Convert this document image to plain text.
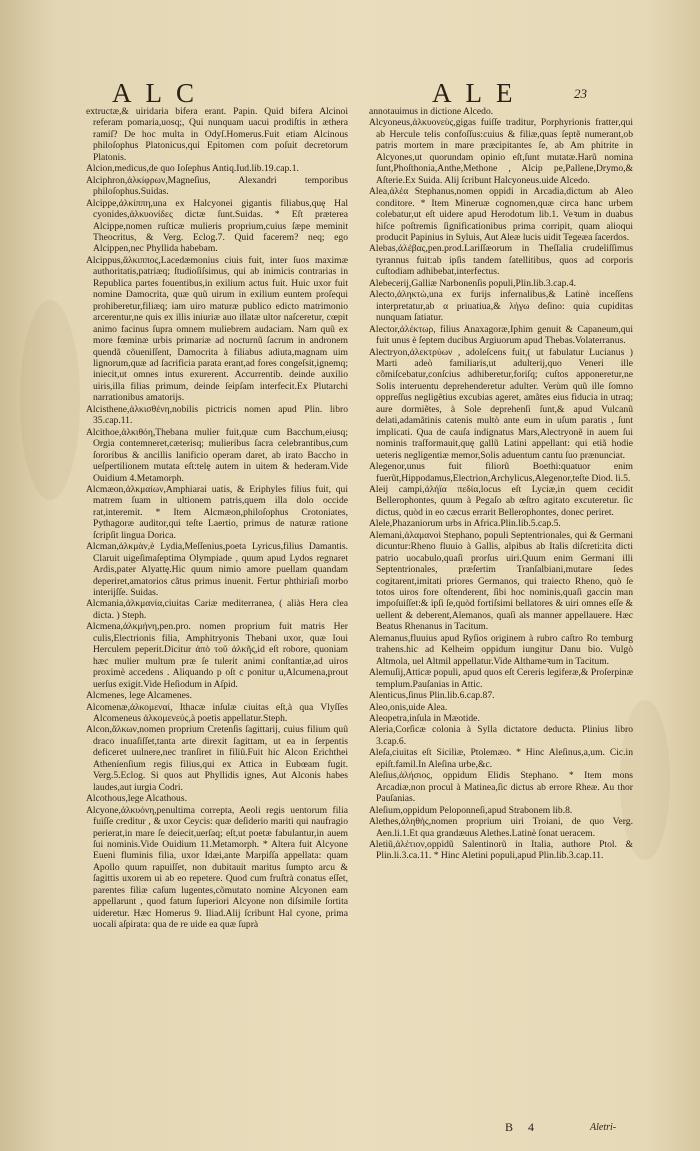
ALC	ALE	23

extructæ,& uiridaria bifera erant. Papin. Quid bifera Alcinoi referam pomaria,uosq;, Qui nunquam uacui prodiſtis in æthera ramiſ? De hoc multa in Odyſ.Homerus.Fuit etiam Alcinous philoſophus Platonicus,qui Epitomen com poſuit decretorum Platonis.

Alcion,medicus,de quo Ioſephus Antiq.Iud.lib.19.cap.1.

Alciphron,ἀλκίφρων,Magneſius, Alexandri temporibus philoſophus.Suidas.

Alcippe,ἀλκίππη,una ex Halcyonei gigantis filiabus,quę Hal cyonides,ἀλκυονίδες dictæ ſunt.Suidas. * Eſt præterea Alcippe,nomen ruſticæ mulieris proprium,cuius ſæpe meminit Theocritus, & Verg. Eclog.7. Quid facerem? neq; ego Alcippen,nec Phyllida habebam.

Alcippus,ἄλκιππος,Lacedæmonius ciuis fuit, inter ſuos maximæ authoritatis,patriæq; ſtudioſiſsimus, qui ab inimicis contrarias in Republica partes fouentibus,in exilium actus fuit. Huic uxor fuit nomine Damocrita, quæ quũ uirum in exilium euntem proſequi prohiberetur,filiæq; iam uiro maturæ publico edicto matrimonio arcerentur,ne quis ex illis iniuriæ auo illatæ ultor naſceretur, cœpit animo facinus ſupra omnem muliebrem audaciam. Nam quũ ex more fœminæ urbis primariæ ad nocturnũ ſacrum in andronem quendã cõueniſſent, Damocrita à filiabus adiuta,magnam uim lignorum,quæ ad ſacrificia parata erant,ad fores congeſsit,ignemq; iniecit,ut omnes intus exurerent. Accurrentib. deinde auxilio uiris,illa filias primum, deinde ſeipſam interfecit.Ex Plutarchi narrationibus amatorijs.

Alcisthene,ἀλκισθένη,nobilis pictricis nomen apud Plin. libro 35.cap.11.

Alcithoe,ἀλκιθόη,Thebana mulier fuit,quæ cum Bacchum,eiusq; Orgia contemneret,cæterisq; mulieribus ſacra celebrantibus,cum ſororibus & ancillis lanificio operam daret, ab irato Baccho in ueſpertilionem mutata eſt:telę autem in uitem & hederam.Vide Ouidium 4.Metamorph.

Alcmæon,ἀλκμαίων,Amphiarai uatis, & Eriphyles filius fuit, qui matrem ſuam in ultionem patris,quem illa dolo occide rat,interemit. * Item Alcmæon,philoſophus Crotoniates, Pythagoræ auditor,qui teſte Laertio, primus de naturæ ratione ſcripſit lingua Dorica.

Alcman,ἀλκμὰν,è Lydia,Meſſenius,poeta Lyricus,filius Damantis. Claruit uigeſimaſeptima Olympiade , quum apud Lydos regnaret Ardis,pater Alyattę.Hic quum nimio amore puellam quandam deperiret,amatorios cãtus primus inuenit. Fertur phthiriaſi morbo interijſſe. Suidas.

Alcmania,ἀλκμανία,ciuitas Cariæ mediterranea, ( aliàs Hera clea dicta. ) Steph.

Alcmena,ἀλκμήνη,pen.pro. nomen proprium fuit matris Her culis,Electrionis filia, Amphitryonis Thebani uxor, quæ Ioui Herculem peperit.Dicitur ἀπὸ τοῦ ἀλκῆς,id eſt robore, quoniam hæc mulier multum præ ſe tulerit animi conſtantiæ,ad uiros proximè accedens . Aliquando p oſt c ponitur u,Alcumena,prout uerſus exigit.Vide Heſiodum in Aſpid.

Alcmenes, lege Alcamenes.

Alcomenæ,ἀλκομεναί, Ithacæ inſulæ ciuitas eſt,à qua Vlyſſes Alcomeneus ἀλκομενεύς,à poetis appellatur.Steph.

Alcon,ἄλκων,nomen proprium Cretenſis ſagittarij, cuius filium quũ draco inuaſiſſet,tanta arte direxit ſagittam, ut ea in ſerpentis deficeret uulnere,nec tranſiret in filiũ.Fuit hic Alcon Erichthei Atheníenſium regis filius,qui ex Attica in Eubœam fugit. Verg.5.Eclog. Si quos aut Phyllidis ignes, Aut Alconis habes laudes,aut iurgia Codri.

Alcothous,lege Alcathous.

Alcyone,ἀλκυόνη,penultima correpta, Aeoli regis uentorum filia fuiſſe creditur , & uxor Ceycis: quæ deſiderio mariti qui naufragio perierat,in mare ſe deiecit,uerſaq; eſt,ut poetæ fabulantur,in auem ſui nominis.Vide Ouidium 11.Metamorph. * Altera fuit Alcyone Eueni fluminis filia, uxor Idæi,ante Marpiſſa appellata: quam Apollo quum rapuiſſet, non dubitauit maritus ſumpto arcu & ſagittis uxorem ui ab eo repetere. Quod cum fruſtrà conatus eſſet, parentes filiæ caſum lugentes,cõmutato nomine Alcyonen eam appellarunt , quod fatum ſuperiori Alcyone non diſsimile ſortita uideretur. Hæc Homerus 9. Iliad.Alij ſcribunt Hal cyone, prima uocali aſpirata: qua de re uide ea quæ ſuprà

annotauimus in dictione Alcedo.

Alcyoneus,ἀλκυονεὺς,gigas fuiſſe traditur, Porphyrionis fratter,qui ab Hercule telis confoſſus:cuius & filiæ,quas ſeptẽ numerant,ob patris mortem in mare præcipitantes ſe, ab Am phitrite in Alcyones,ut quorundam opinio eſt,ſunt mutatæ.Harũ nomina ſunt,Phoſthonia,Anthe,Methone , Alcip pe,Pallene,Drymo,& Aſterie.Ex Suida. Alij ſcribunt Halcyoneus.uide Alcedo.

Alea,ἀλέα Stephanus,nomen oppidi in Arcadia,dictum ab Aleo conditore. * Item Mineruæ cognomen,quæ circa hanc urbem colebatur,ut eſt uidere apud Herodotum lib.1. Veꝛum in duabus hiſce poſtremis ſignificationibus prima corripit, quam alioqui producit Papinius in Syluis, Aut Aleæ lucis uidit Tegeæa ſacerdos.

Alebas,ἀλέβας,pen.prod.Lariſſæorum in Theſſalia crudeliſſimus tyrannus fuit:ab ipſis tandem ſatellitibus, quos ad corporis cuſtodiam adhibebat,interfectus.

Alebecerij,Galliæ Narbonenſis populi,Plin.lib.3.cap.4.

Alecto,ἀληκτὼ,una ex furijs infernalibus,& Latinè inceſſens interpretatur,ab α priuatiua,& λήγω deſino: quia cupiditas nunquam ſatiatur.

Alector,ἀλέκτωρ, filius Anaxagoræ,Iphim genuit & Capaneum,qui fuit unus è ſeptem ducibus Argiuorum apud Thebas.Volaterranus.

Alectryon,ἀλεκτρύων , adoleſcens fuit,( ut fabulatur Lucianus ) Marti adeò familiaris,ut adulterij,quo Veneri ille cõmiſcebatur,conſcius adhiberetur,foriſq; cuſtos apponeretur,ne Solis interuentu deprehenderetur adulter. Verùm quũ ille ſomno oppreſſus negligẽtius excubias ageret, amãtes eius fiducia in utraq; aure dormiẽtes, à Sole deprehenſi ſunt,& apud Vulcanũ delati,adamãtinis catenis multò ante eum in uſum paratis , ſunt implicati. Qua de cauſa indignatus Mars,Alectryonẽ in auem ſui nominis traſformauit,quę gallũ Latini appellant: qui etiã hodie ueteris negligentiæ memor,Solis aduentum cantu ſuo prænunciat.

Alegenor,unus fuit filiorũ Boethi:quatuor enim fuerũt,Hippodamus,Electrion,Archylicus,Alegenor,teſte Diod. li.5.

Aleij campi,ἀλήϊα πεδία,locus eſt Lyciæ,in quem cecidit Bellerophontes, quum à Pegaſo ab œſtro agitato excuteretur. ſic dictus, quòd in eo cæcus errarit Bellerophontes, donec periret.

Alele,Phazaniorum urbs in Africa.Plin.lib.5.cap.5.

Alemani,ἀλαμανοὶ Stephano, populi Septentrionales, qui & Germani dicuntur:Rheno fluuio à Gallis, alpibus ab Italis diſcreti:ita dicti patrio uocabulo,quaſi prorſus uiri.Quum enim Germani illi Septentrionales, præſertim Tranſalbiani,mutare ſedes cogitarent,imitati priores Germanos, qui traiecto Rheno, quò ſe totos uiros fore oſtenderent, ſibi hoc nominis,quaſi gaccin man impoſuiſſet:& ipſi ſe,quòd fortiſsimi bellatores & uiri omnes eſſe & uellent & deberent,Alemanos, quaſi als manner appellauere. Hæc Beatus Rhenanus in Tacitum.

Alemanus,fluuius apud Ryſios originem à rubro caſtro Ro temburg trahens.hic ad Kelheim oppidum iungitur Danu bio. Vulgò Altmola, uel Altmil appellatur.Vide Althameꝛum in Tacitum.

Alemuſij,Atticæ populi, apud quos eſt Cereris legiferæ,& Proſerpinæ templum.Pauſanias in Attic.

Alenticus,ſinus Plin.lib.6.cap.87.

Aleo,onis,uide Alea.

Aleopetra,inſula in Mæotide.

Aleria,Corſicæ colonia à Sylla dictatore deducta. Plinius libro 3.cap.6.

Aleſa,ciuitas eſt Siciliæ, Ptolemæo. * Hinc Aleſinus,a,um. Cic.in epiſt.famil.In Aleſina urbe,&c.

Aleſius,ἀλήσιος, oppidum Elidis Stephano. * Item mons Arcadiæ,non procul à Matinea,ſic dictus ab errore Rheæ. Au thor Pauſanias.

Aleſium,oppidum Peloponneſi,apud Strabonem lib.8.

Alethes,ἀληθὴς,nomen proprium uiri Troiani, de quo Verg. Aen.li.1.Et qua grandæuus Alethes.Latinè ſonat ueracem.

Aletiũ,ἀλέτιον,oppidũ Salentinorũ in Italia, authore Ptol. & Plin.li.3.ca.11. * Hinc Aletini populi,apud Plin.lib.3.cap.11.

B 4	Aletri-
